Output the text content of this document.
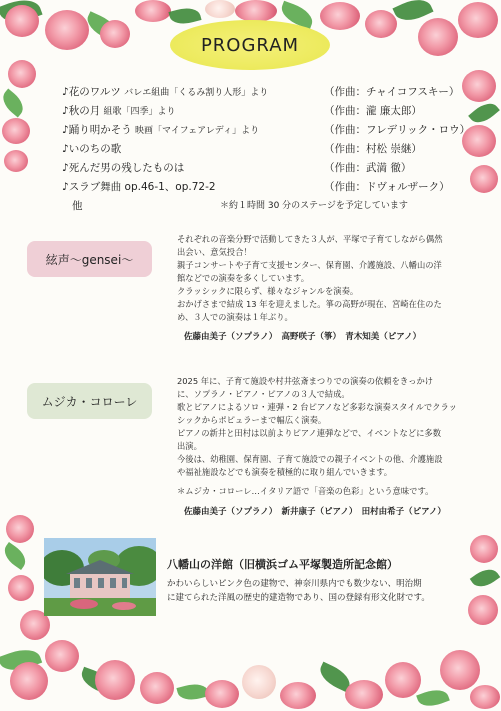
PROGRAM
♪花のワルツ バレエ組曲「くるみ割り人形」より	（作曲：チャイコフスキー）
♪秋の月 組歌「四季」より	（作曲：瀧 廉太郎）
♪踊り明かそう 映画「マイフェアレディ」より	（作曲：フレデリック・ロウ）
♪いのちの歌	（作曲：村松 崇継）
♪死んだ男の残したものは	（作曲：武満 徹）
♪スラブ舞曲 op.46-1、op.72-2	（作曲：ドヴォルザーク）
他	＊約１時間 30 分のステージを予定しています
絃声～gensei～
それぞれの音楽分野で活動してきた３人が、平塚で子育てしながら偶然
出会い、意気投合！
親子コンサートや子育て支援センター、保育園、介護施設、八幡山の洋
館などでの演奏を多くしています。
クラッシックに限らず、様々なジャンルを演奏。
おかげさまで結成 13 年を迎えました。箏の高野が現在、宮崎在住のた
め、３人での演奏は１年ぶり。
佐藤由美子（ソプラノ）　高野咲子（箏）　青木知美（ピアノ）
ムジカ・コローレ
2025 年に、子育て施設や村井弦斎まつりでの演奏の依頼をきっかけ
に、ソプラノ・ピアノ・ピアノの３人で結成。
歌とピアノによるソロ・連弾・2 台ピアノなど多彩な演奏スタイルでクラッ
シックからポピュラーまで幅広く演奏。
ピアノの新井と田村は以前よりピアノ連弾などで、イベントなどに多数
出演。
今後は、幼稚園、保育園、子育て施設での親子イベントの他、介護施設
や福祉施設などでも演奏を積極的に取り組んでいきます。
＊ムジカ・コローレ…イタリア語で「音楽の色彩」という意味です。
佐藤由美子（ソプラノ）　新井康子（ピアノ）　田村由希子（ピアノ）
八幡山の洋館（旧横浜ゴム平塚製造所記念館）
かわいらしいピンク色の建物で、神奈川県内でも数少ない、明治期
に建てられた洋風の歴史的建造物であり、国の登録有形文化財です。
